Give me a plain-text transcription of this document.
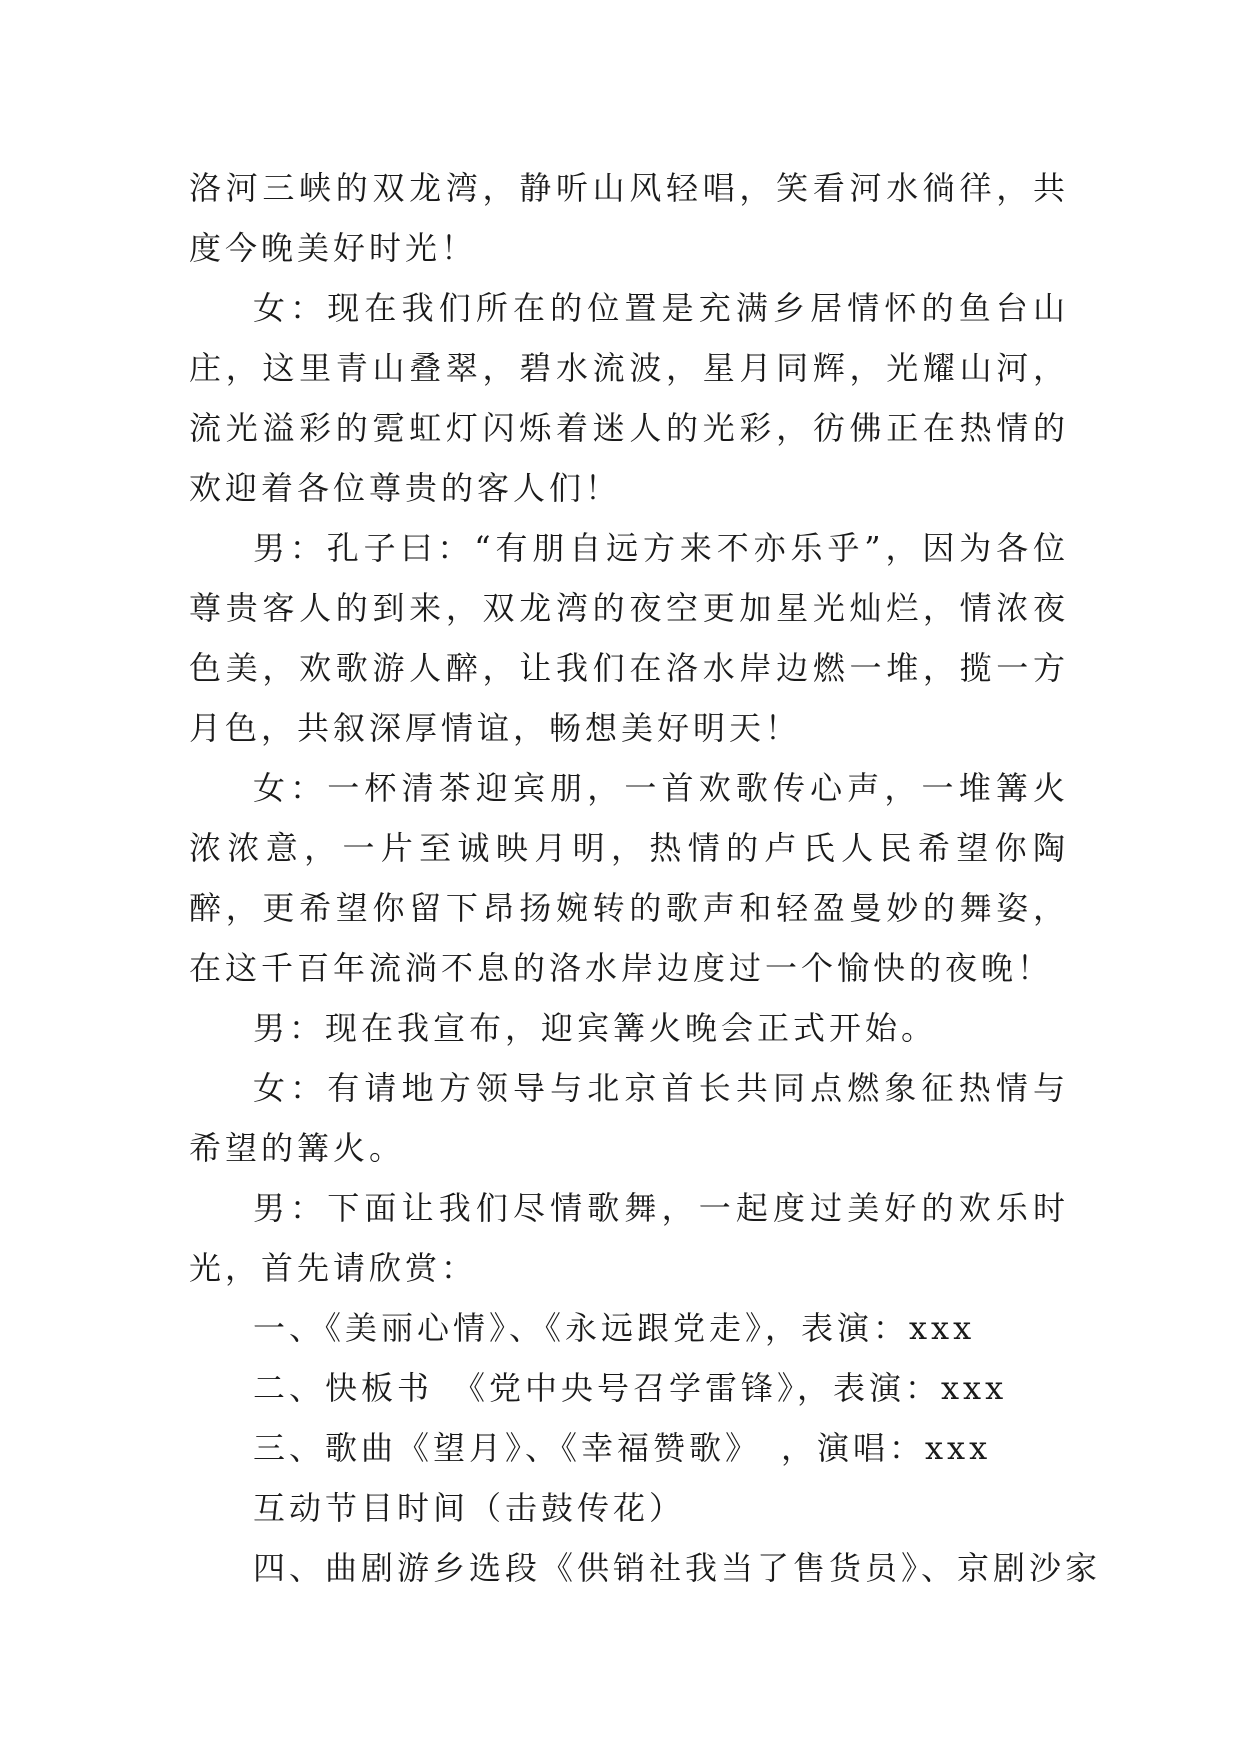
洛河三峡的双龙湾，静听山风轻唱，笑看河水徜徉，共度今晚美好时光！

女：现在我们所在的位置是充满乡居情怀的鱼台山庄，这里青山叠翠，碧水流波，星月同辉，光耀山河，流光溢彩的霓虹灯闪烁着迷人的光彩，彷佛正在热情的欢迎着各位尊贵的客人们！

男：孔子曰：“有朋自远方来不亦乐乎”，因为各位尊贵客人的到来，双龙湾的夜空更加星光灿烂，情浓夜色美，欢歌游人醉，让我们在洛水岸边燃一堆，揽一方月色，共叙深厚情谊，畅想美好明天！

女：一杯清茶迎宾朋，一首欢歌传心声，一堆篝火浓浓意，一片至诚映月明，热情的卢氏人民希望你陶醉，更希望你留下昂扬婉转的歌声和轻盈曼妙的舞姿，在这千百年流淌不息的洛水岸边度过一个愉快的夜晚！

男：现在我宣布，迎宾篝火晚会正式开始。

女：有请地方领导与北京首长共同点燃象征热情与希望的篝火。

男：下面让我们尽情歌舞，一起度过美好的欢乐时光，首先请欣赏：

一、《美丽心情》、《永远跟党走》，表演：xxx
二、快板书　《党中央号召学雷锋》，表演：xxx
三、歌曲《望月》、《幸福赞歌》　，演唱：xxx
互动节目时间（击鼓传花）
四、曲剧游乡选段《供销社我当了售货员》、京剧沙家
